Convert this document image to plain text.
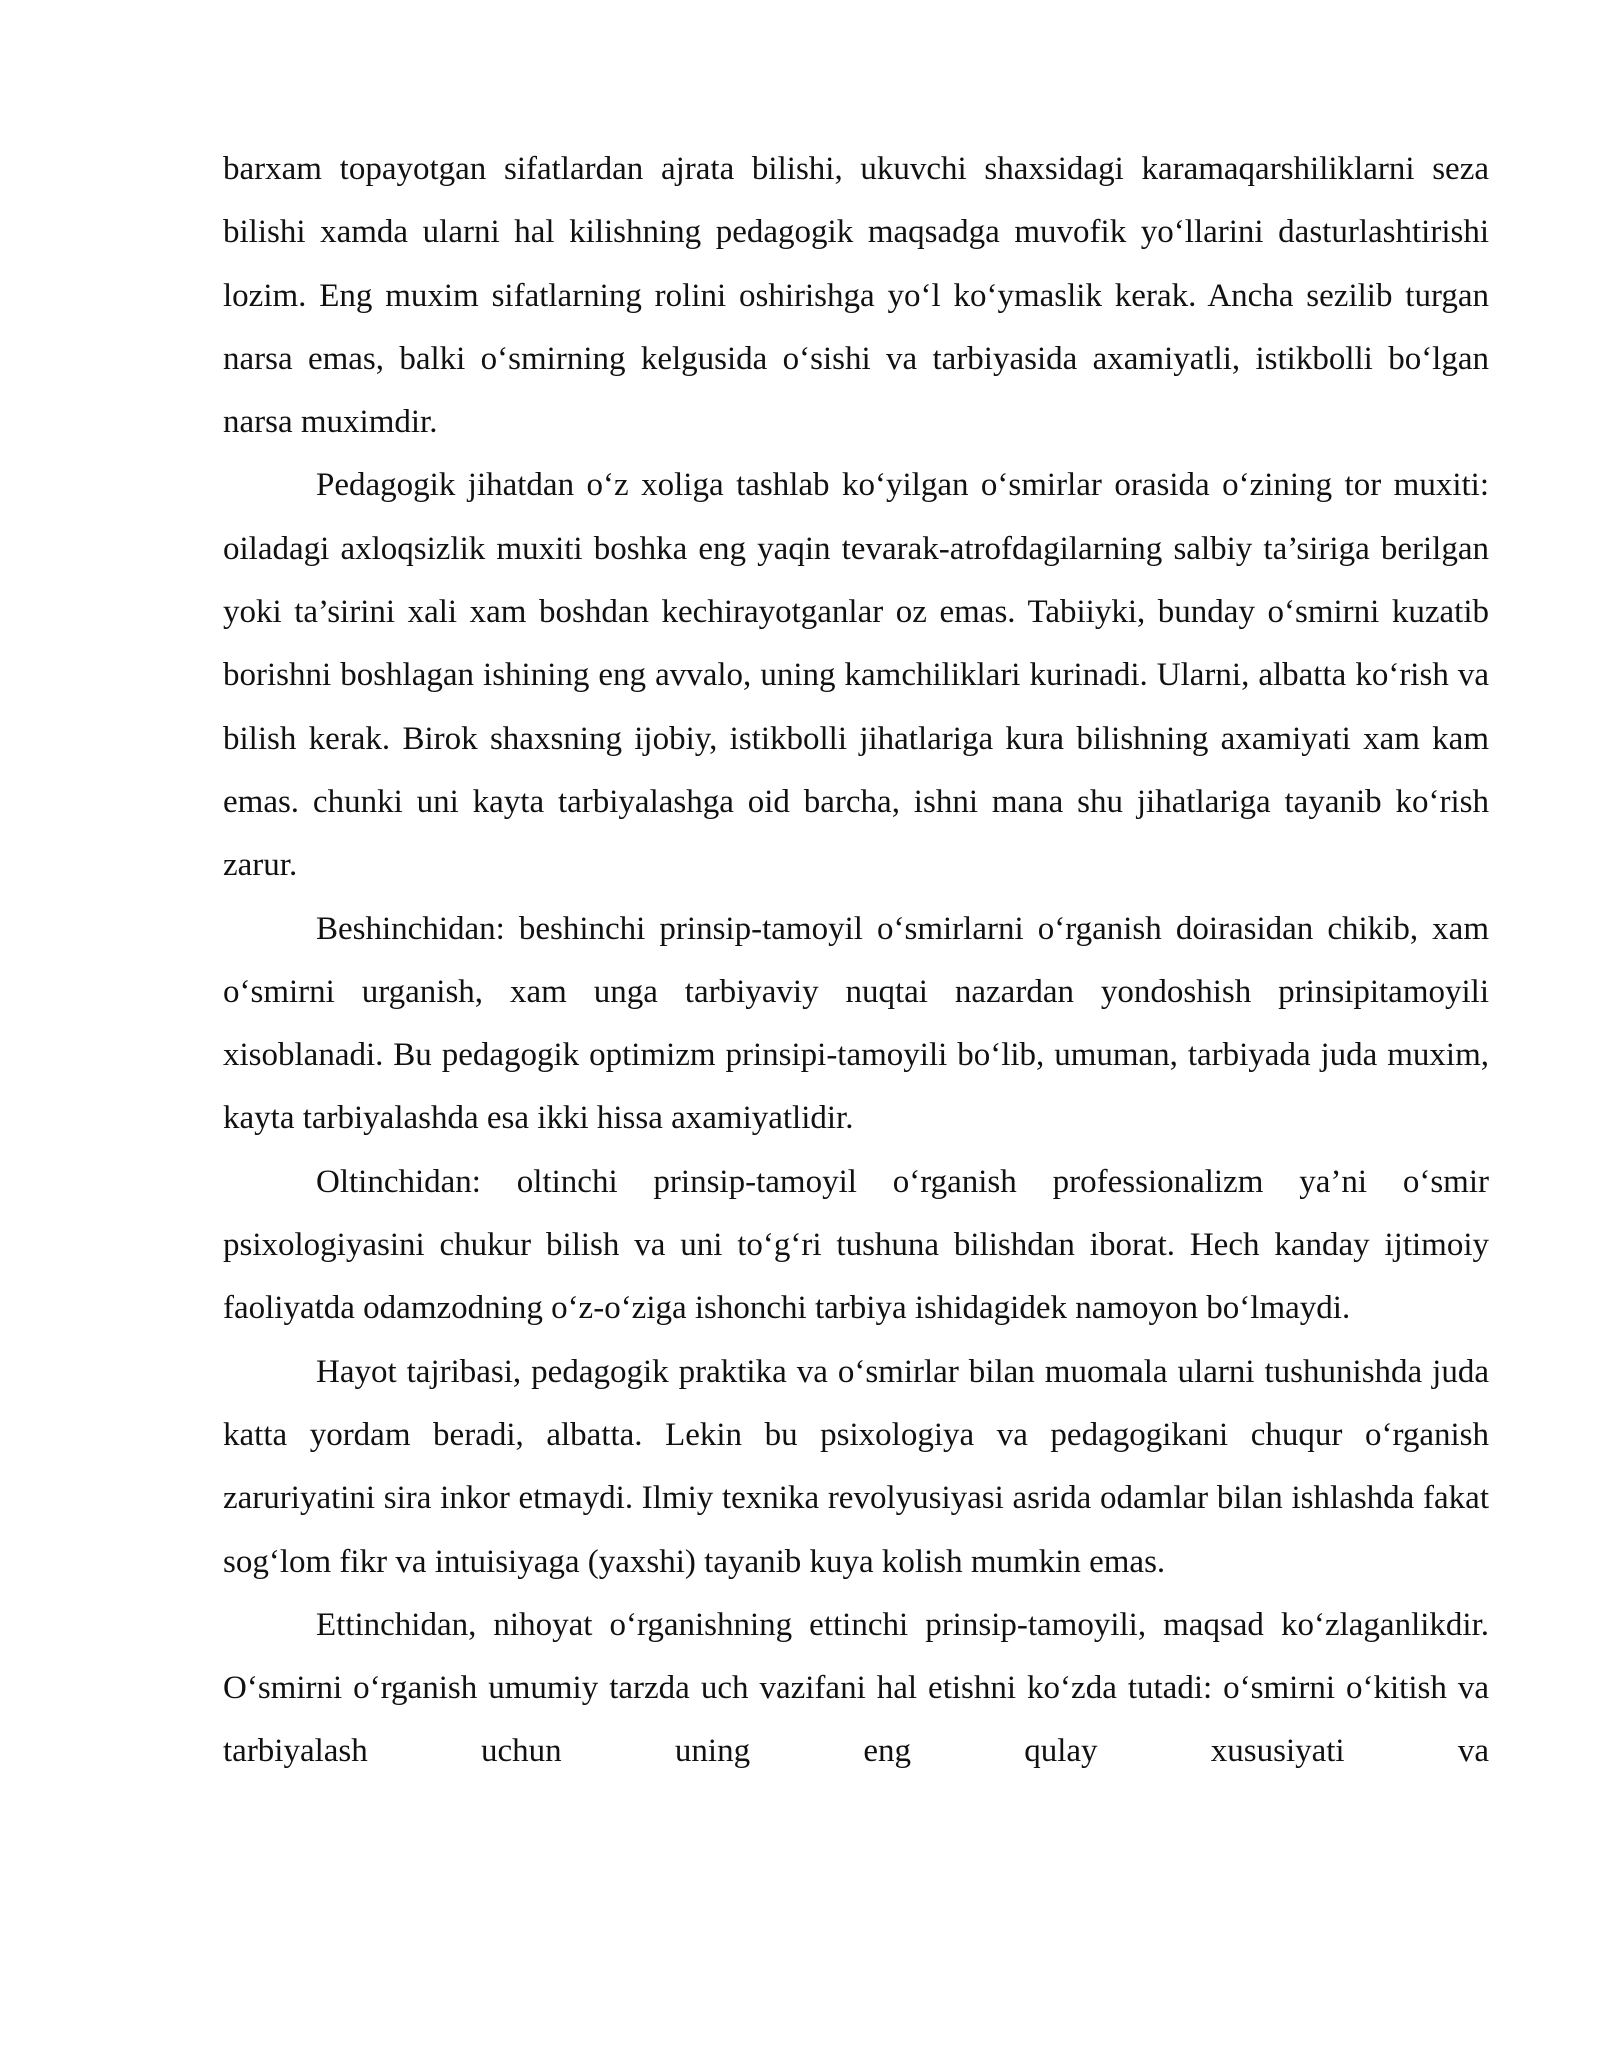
barxam topayotgan sifatlardan ajrata bilishi, ukuvchi shaxsidagi karamaqarshiliklarni seza bilishi xamda ularni hal kilishning pedagogik maqsadga muvofik yo‘llarini dasturlashtirishi lozim. Eng muxim sifatlarning rolini oshirishga yo‘l ko‘ymaslik kerak. Ancha sezilib turgan narsa emas, balki o‘smirning kelgusida o‘sishi va tarbiyasida axamiyatli, istikbolli bo‘lgan narsa muximdir.

Pedagogik jihatdan o‘z xoliga tashlab ko‘yilgan o‘smirlar orasida o‘zining tor muxiti: oiladagi axloqsizlik muxiti boshka eng yaqin tevarak-atrofdagilarning salbiy ta’siriga berilgan yoki ta’sirini xali xam boshdan kechirayotganlar oz emas. Tabiiyki, bunday o‘smirni kuzatib borishni boshlagan ishining eng avvalo, uning kamchiliklari kurinadi. Ularni, albatta ko‘rish va bilish kerak. Birok shaxsning ijobiy, istikbolli jihatlariga kura bilishning axamiyati xam kam emas. chunki uni kayta tarbiyalashga oid barcha, ishni mana shu jihatlariga tayanib ko‘rish zarur.

Beshinchidan: beshinchi prinsip-tamoyil o‘smirlarni o‘rganish doirasidan chikib, xam o‘smirni urganish, xam unga tarbiyaviy nuqtai nazardan yondoshish prinsipitamoyili xisoblanadi. Bu pedagogik optimizm prinsipi-tamoyili bo‘lib, umuman, tarbiyada juda muxim, kayta tarbiyalashda esa ikki hissa axamiyatlidir.

Oltinchidan: oltinchi prinsip-tamoyil o‘rganish professionalizm ya’ni o‘smir psixologiyasini chukur bilish va uni to‘g‘ri tushuna bilishdan iborat. Hech kanday ijtimoiy faoliyatda odamzodning o‘z-o‘ziga ishonchi tarbiya ishidagidek namoyon bo‘lmaydi.

Hayot tajribasi, pedagogik praktika va o‘smirlar bilan muomala ularni tushunishda juda katta yordam beradi, albatta. Lekin bu psixologiya va pedagogikani chuqur o‘rganish zaruriyatini sira inkor etmaydi. Ilmiy texnika revolyusiyasi asrida odamlar bilan ishlashda fakat sog‘lom fikr va intuisiyaga (yaxshi) tayanib kuya kolish mumkin emas.

Ettinchidan, nihoyat o‘rganishning ettinchi prinsip-tamoyili, maqsad ko‘zlaganlikdir. O‘smirni o‘rganish umumiy tarzda uch vazifani hal etishni ko‘zda tutadi: o‘smirni o‘kitish va tarbiyalash uchun uning eng qulay xususiyati va
